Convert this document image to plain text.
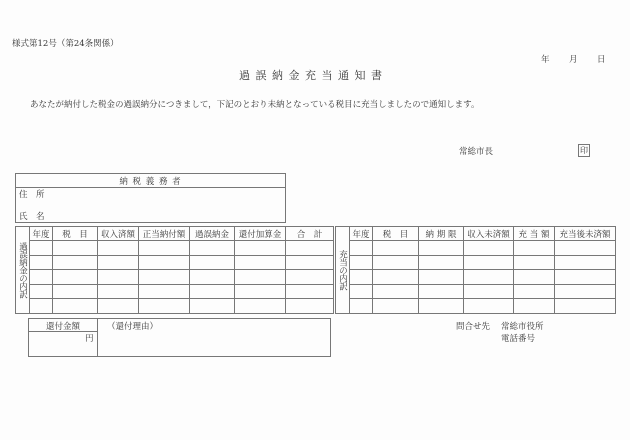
様式第12号（第24条関係）
年 月 日
過誤納金充当通知書
あなたが納付した税金の過誤納分につきまして，下記のとおり未納となっている税目に充当しましたので通知します。
常総市長	印
納 税 義 務 者
住　所
氏　名
過誤納金の内訳	年度	税　目	収入済額	正当納付額	過誤納金	還付加算金	合　計

充当の内訳	年度	税　目	納 期 限	収入未済額	充 当 額	充当後未済額

還付金額
円
（還付理由）	問合せ先 常総市役所
電話番号
